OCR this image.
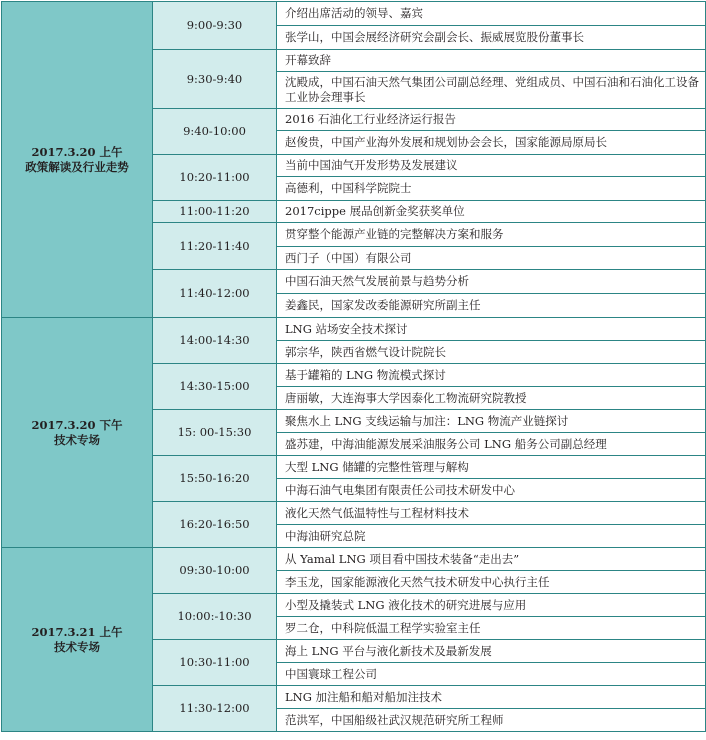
2017.3.20 上午
政策解读及行业走势	9:00-9:30	介绍出席活动的领导、嘉宾
		张学山，中国会展经济研究会副会长、振威展览股份董事长
	9:30-9:40	开幕致辞
		沈殿成，中国石油天然气集团公司副总经理、党组成员、中国石油和石油化工设备工业协会理事长
	9:40-10:00	2016 石油化工行业经济运行报告
		赵俊贵，中国产业海外发展和规划协会会长，国家能源局原局长
	10:20-11:00	当前中国油气开发形势及发展建议
		高德利，中国科学院院士
	11:00-11:20	2017cippe 展品创新金奖获奖单位
	11:20-11:40	贯穿整个能源产业链的完整解决方案和服务
		西门子（中国）有限公司
	11:40-12:00	中国石油天然气发展前景与趋势分析
		姜鑫民，国家发改委能源研究所副主任

2017.3.20 下午
技术专场	14:00-14:30	LNG 站场安全技术探讨
		郭宗华，陕西省燃气设计院院长
	14:30-15:00	基于罐箱的 LNG 物流模式探讨
		唐丽敏，大连海事大学因泰化工物流研究院教授
	15: 00-15:30	聚焦水上 LNG 支线运输与加注：LNG 物流产业链探讨
		盛苏建，中海油能源发展采油服务公司 LNG 船务公司副总经理
	15:50-16:20	大型 LNG 储罐的完整性管理与解构
		中海石油气电集团有限责任公司技术研发中心
	16:20-16:50	液化天然气低温特性与工程材料技术
		中海油研究总院

2017.3.21 上午
技术专场	09:30-10:00	从 Yamal LNG 项目看中国技术装备“走出去”
		李玉龙，国家能源液化天然气技术研发中心执行主任
	10:00:-10:30	小型及撬装式 LNG 液化技术的研究进展与应用
		罗二仓，中科院低温工程学实验室主任
	10:30-11:00	海上 LNG 平台与液化新技术及最新发展
		中国寰球工程公司
	11:30-12:00	LNG 加注船和船对船加注技术
		范洪军，中国船级社武汉规范研究所工程师
